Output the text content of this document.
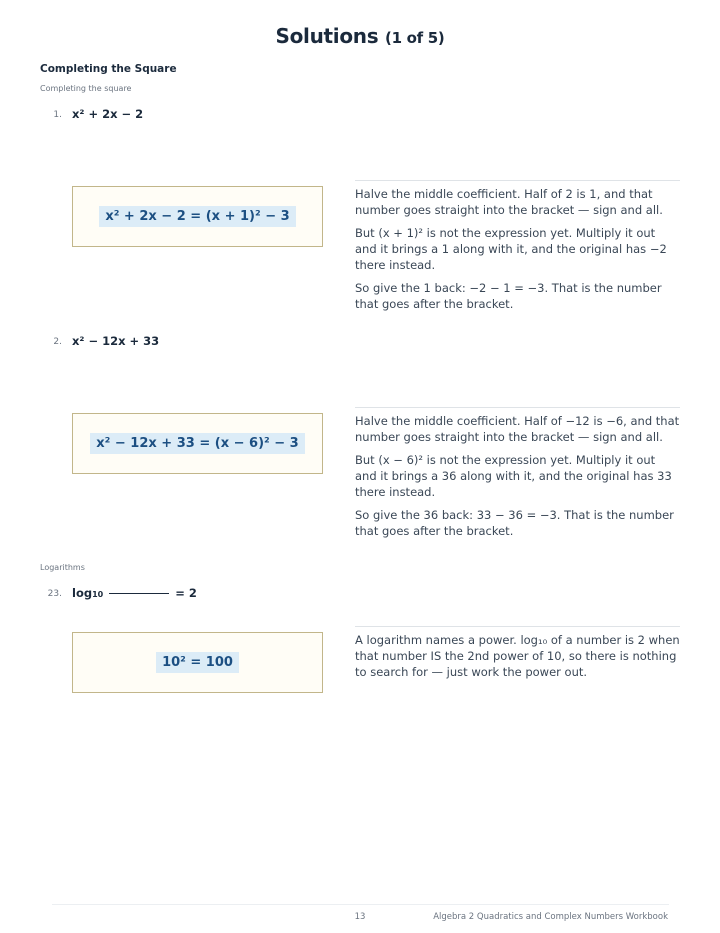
Solutions (1 of 5)
Completing the Square
Completing the square
1. x² + 2x − 2
x² + 2x − 2 = (x + 1)² − 3

Halve the middle coefficient. Half of 2 is 1, and that number goes straight into the bracket — sign and all.

But (x + 1)² is not the expression yet. Multiply it out and it brings a 1 along with it, and the original has −2 there instead.

So give the 1 back: −2 − 1 = −3. That is the number that goes after the bracket.

2. x² − 12x + 33
x² − 12x + 33 = (x − 6)² − 3

Halve the middle coefficient. Half of −12 is −6, and that number goes straight into the bracket — sign and all.

But (x − 6)² is not the expression yet. Multiply it out and it brings a 36 along with it, and the original has 33 there instead.

So give the 36 back: 33 − 36 = −3. That is the number that goes after the bracket.

Logarithms
23. log10	= 2
10² = 100

A logarithm names a power. log₁₀ of a number is 2 when that number IS the 2nd power of 10, so there is nothing to search for — just work the power out.

13	Algebra 2 Quadratics and Complex Numbers Workbook
